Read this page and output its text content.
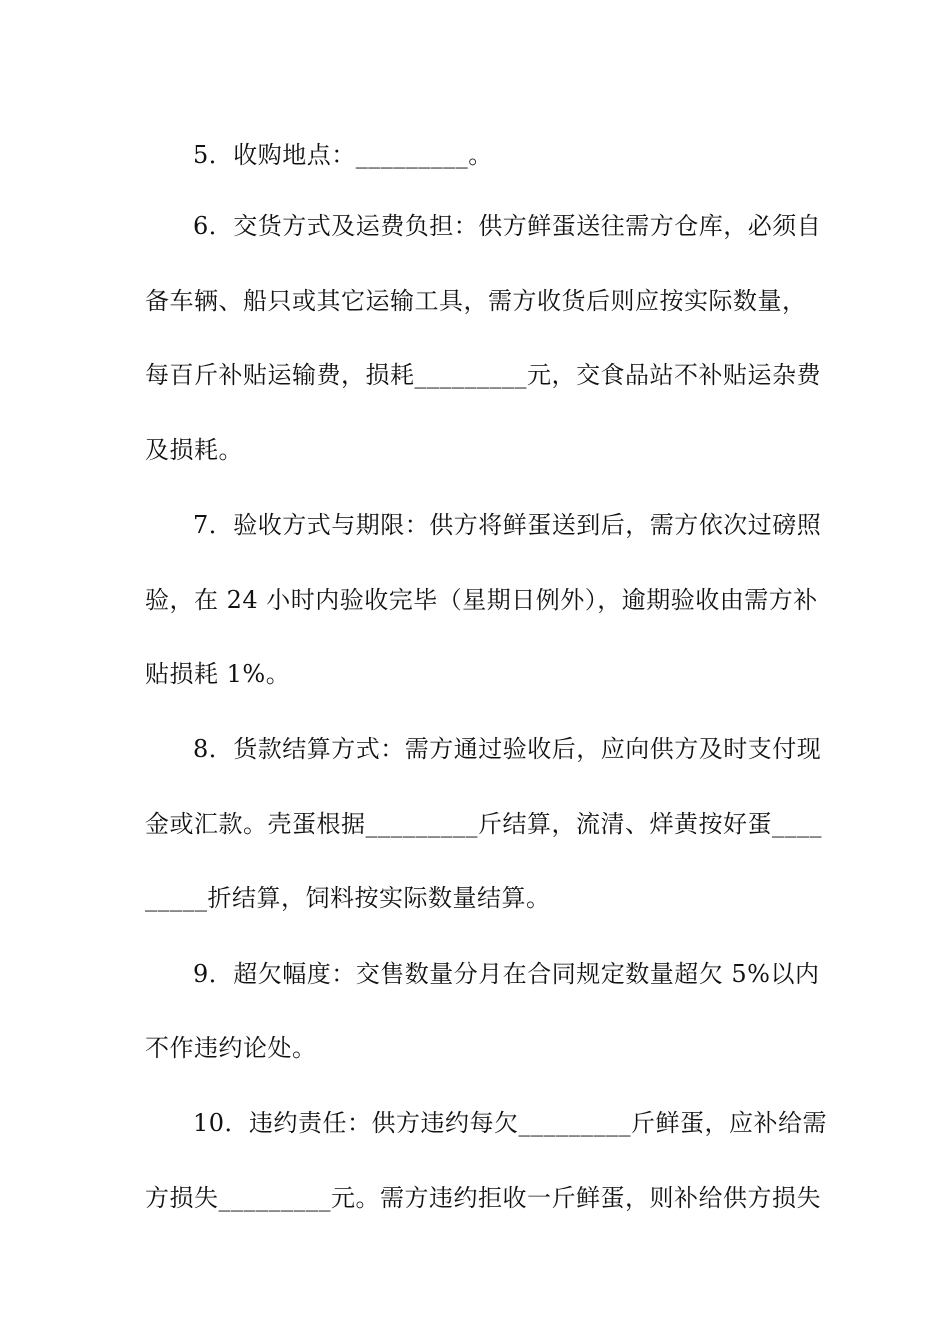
5．收购地点：_________。
6．交货方式及运费负担：供方鲜蛋送往需方仓库，必须自
备车辆、船只或其它运输工具，需方收货后则应按实际数量，
每百斤补贴运输费，损耗_________元，交食品站不补贴运杂费
及损耗。
7．验收方式与期限：供方将鲜蛋送到后，需方依次过磅照
验，在 24 小时内验收完毕（星期日例外），逾期验收由需方补
贴损耗 1%。
8．货款结算方式：需方通过验收后，应向供方及时支付现
金或汇款。壳蛋根据_________斤结算，流清、烊黄按好蛋____
_____折结算，饲料按实际数量结算。
9．超欠幅度：交售数量分月在合同规定数量超欠 5%以内
不作违约论处。
10．违约责任：供方违约每欠_________斤鲜蛋，应补给需
方损失_________元。需方违约拒收一斤鲜蛋，则补给供方损失
